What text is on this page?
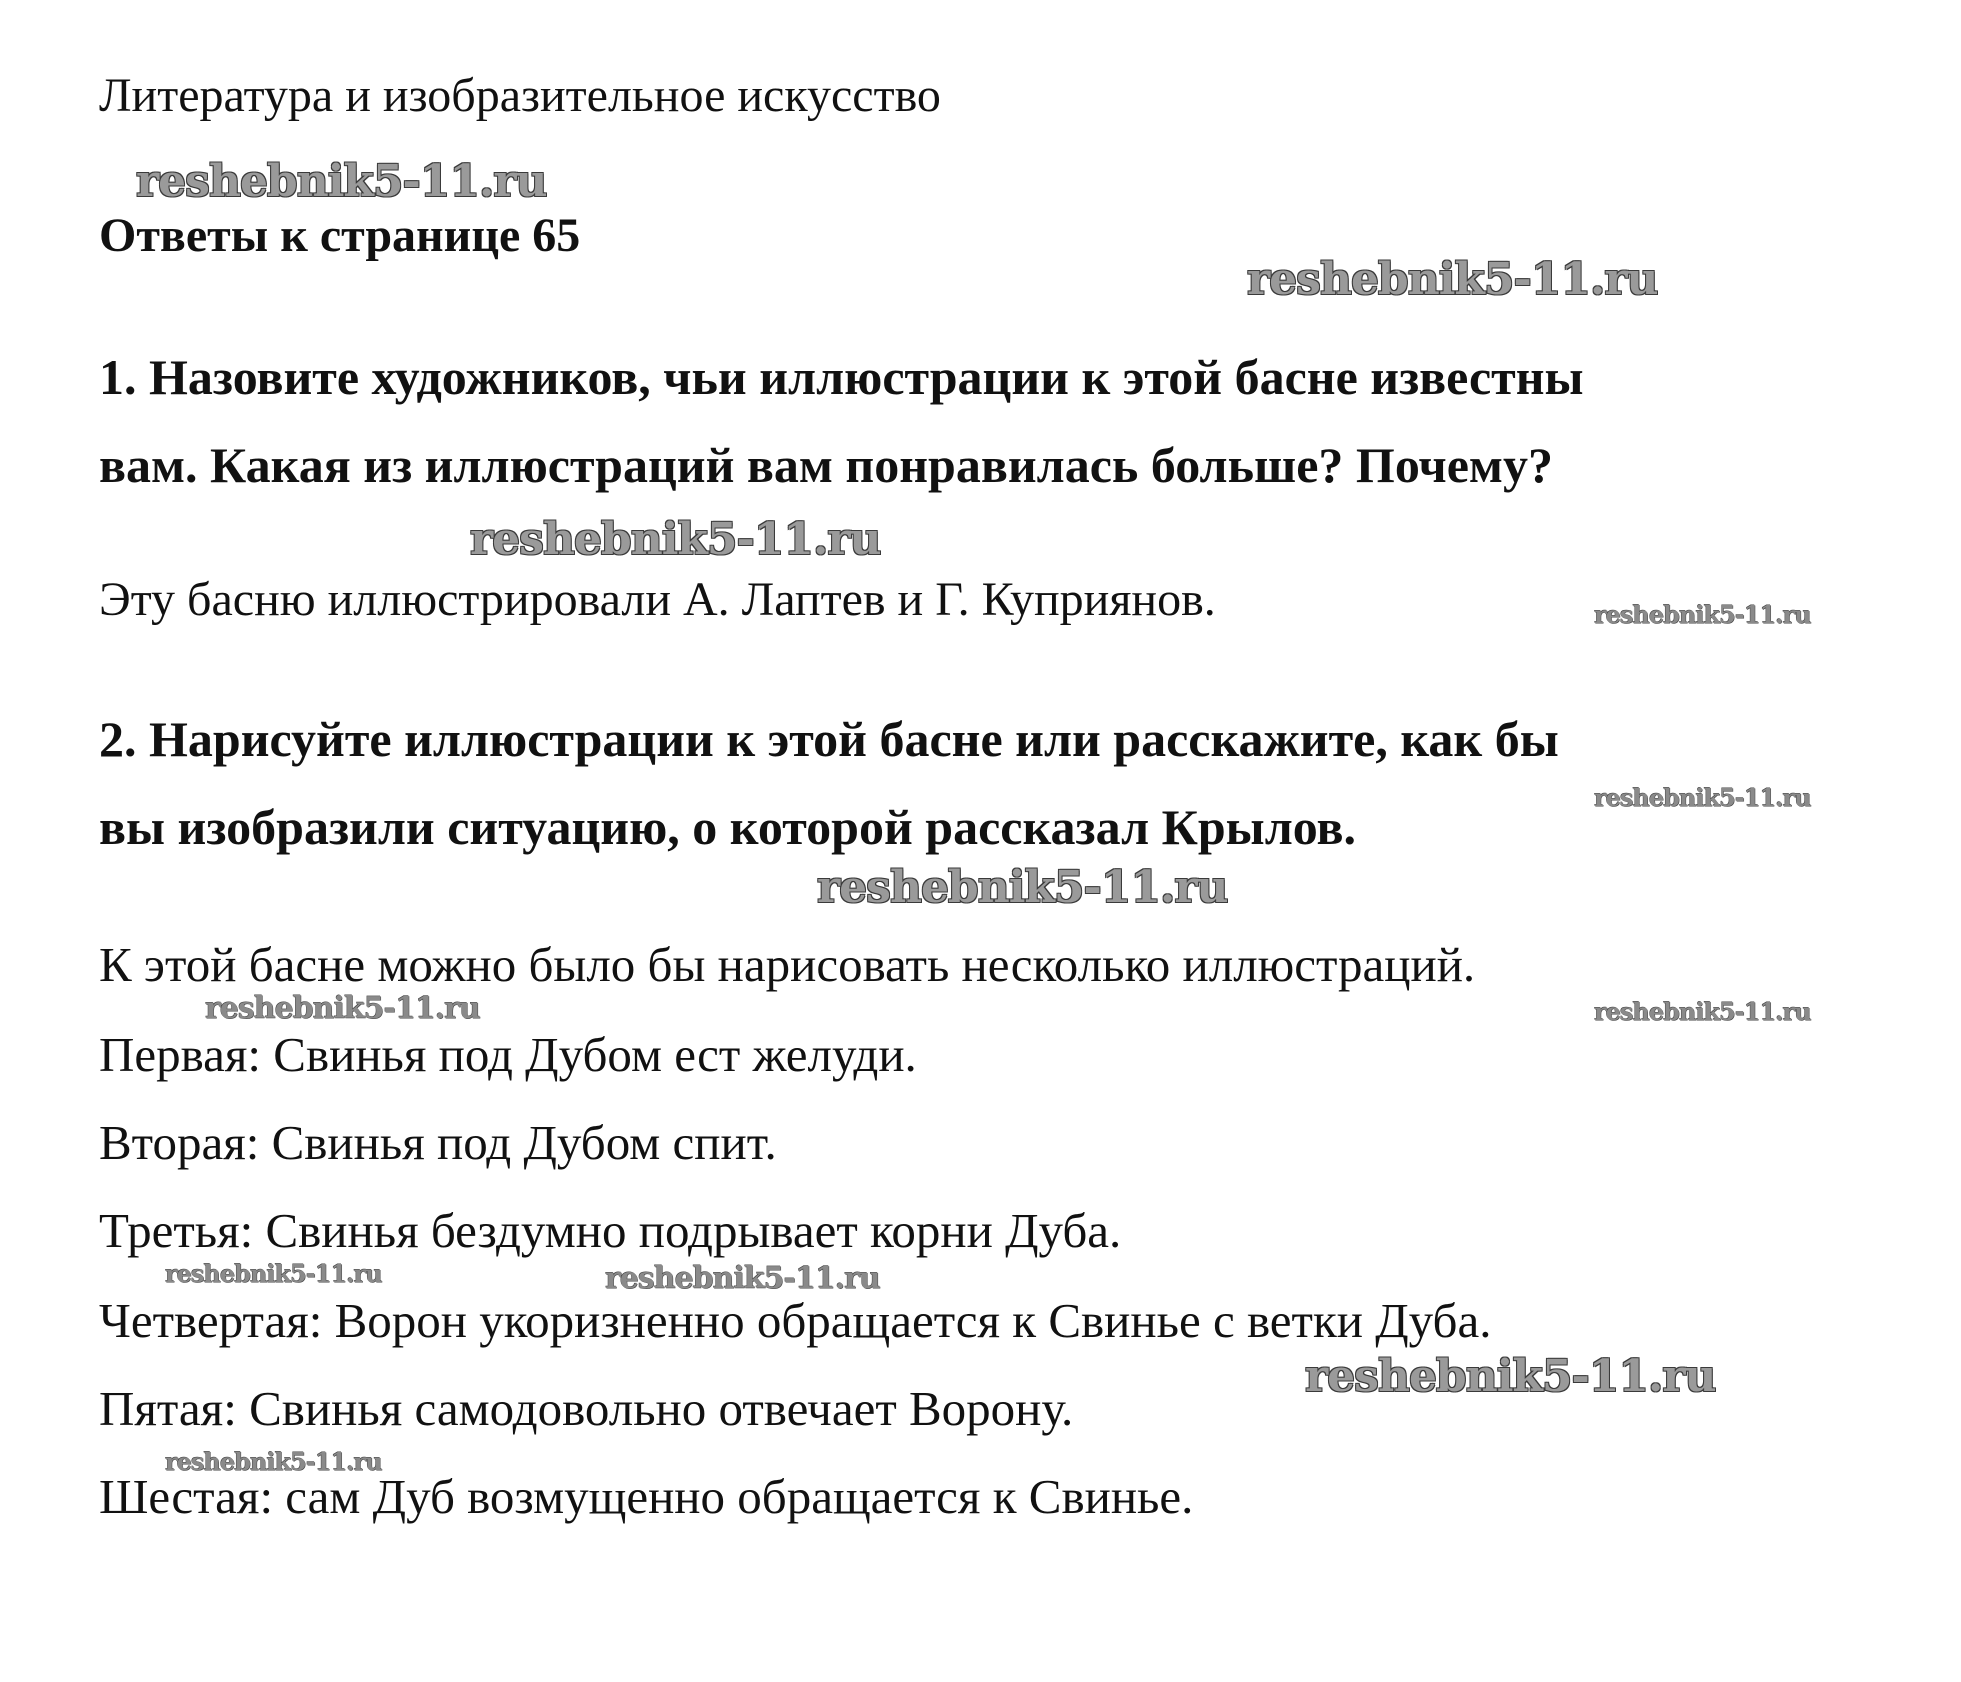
Литература и изобразительное искусство
reshebnik5-11.ru
Ответы к странице 65
reshebnik5-11.ru
1. Назовите художников, чьи иллюстрации к этой басне известны
вам. Какая из иллюстраций вам понравилась больше? Почему?
reshebnik5-11.ru
Эту басню иллюстрировали А. Лаптев и Г. Куприянов.	reshebnik5-11.ru
2. Нарисуйте иллюстрации к этой басне или расскажите, как бы
вы изобразили ситуацию, о которой рассказал Крылов.
reshebnik5-11.ru
reshebnik5-11.ru
К этой басне можно было бы нарисовать несколько иллюстраций.
reshebnik5-11.ru	reshebnik5-11.ru
Первая: Свинья под Дубом ест желуди.
Вторая: Свинья под Дубом спит.
Третья: Свинья бездумно подрывает корни Дуба.
reshebnik5-11.ru	reshebnik5-11.ru
Четвертая: Ворон укоризненно обращается к Свинье с ветки Дуба.
reshebnik5-11.ru
Пятая: Свинья самодовольно отвечает Ворону.
reshebnik5-11.ru
Шестая: сам Дуб возмущенно обращается к Свинье.
